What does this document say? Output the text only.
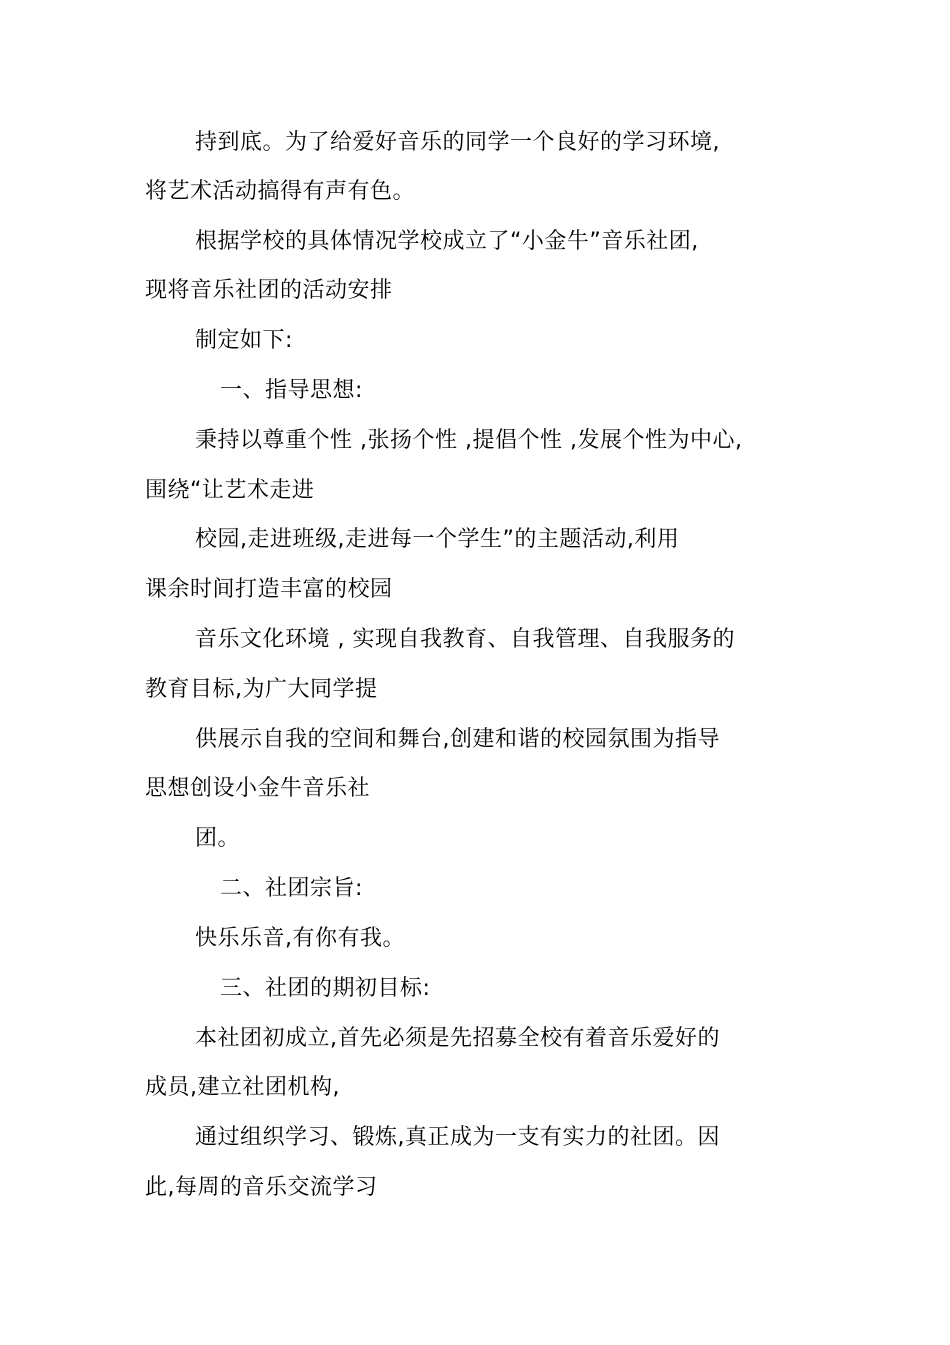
持到底。为了给爱好音乐的同学一个良好的学习环境,
将艺术活动搞得有声有色。
根据学校的具体情况学校成立了“小金牛”音乐社团,
现将音乐社团的活动安排
制定如下:
一、指导思想:
秉持以尊重个性 ,张扬个性 ,提倡个性 ,发展个性为中心,
围绕“让艺术走进
校园,走进班级,走进每一个学生”的主题活动,利用
课余时间打造丰富的校园
音乐文化环境 , 实现自我教育、自我管理、自我服务的
教育目标,为广大同学提
供展示自我的空间和舞台,创建和谐的校园氛围为指导
思想创设小金牛音乐社
团。
二、社团宗旨:
快乐乐音,有你有我。
三、社团的期初目标:
本社团初成立,首先必须是先招募全校有着音乐爱好的
成员,建立社团机构,
通过组织学习、锻炼,真正成为一支有实力的社团。因
此,每周的音乐交流学习
